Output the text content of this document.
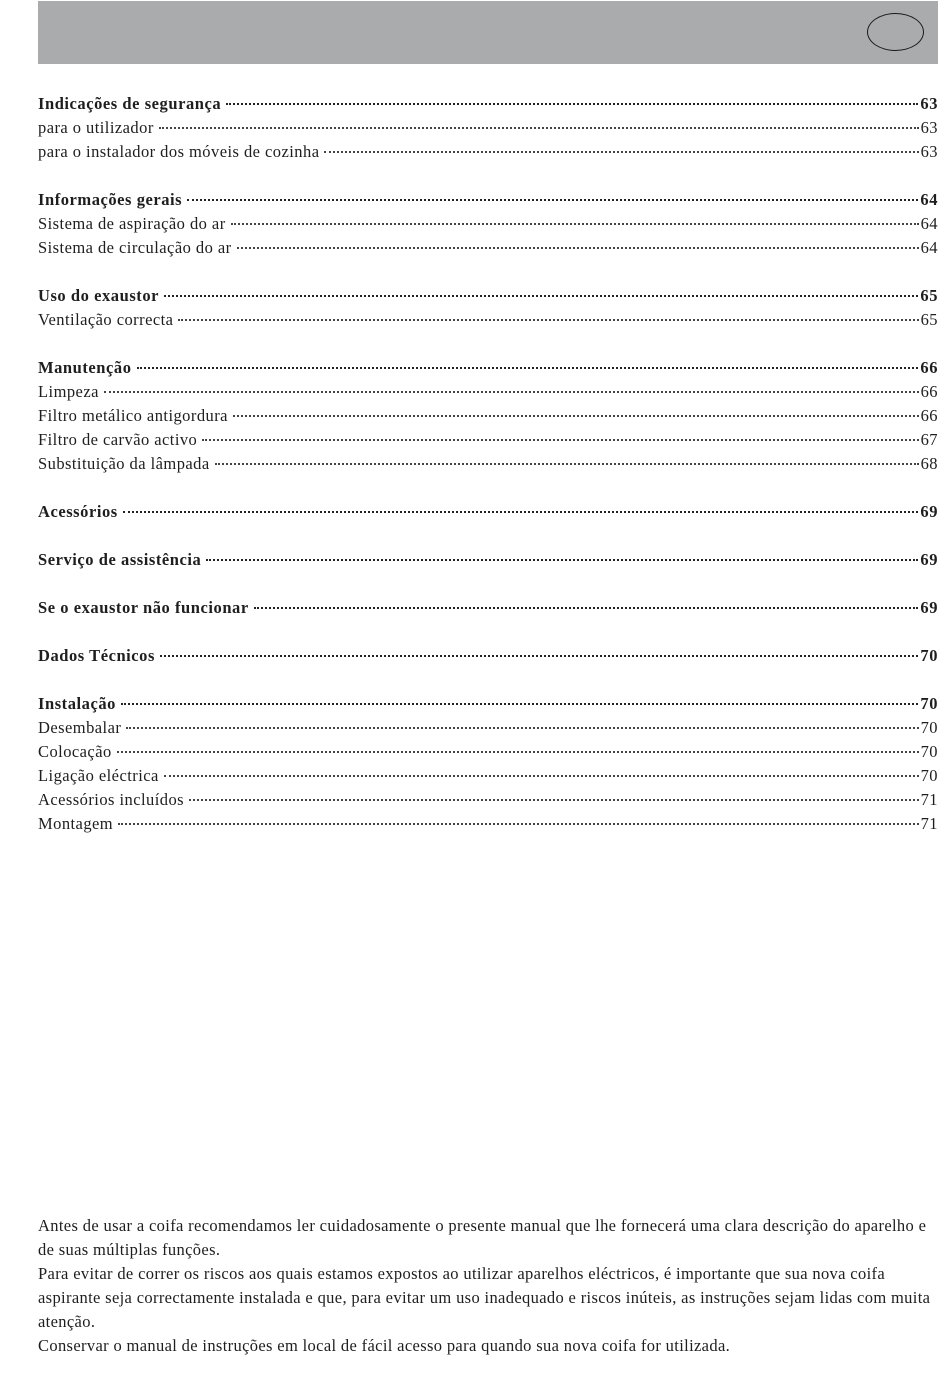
Indicações de segurança	63
para o utilizador	63
para o instalador dos móveis de cozinha	63
Informações gerais	64
Sistema de aspiração do ar	64
Sistema de circulação do ar	64
Uso do exaustor	65
Ventilação correcta	65
Manutenção	66
Limpeza	66
Filtro metálico antigordura	66
Filtro de carvão activo	67
Substituição da lâmpada	68
Acessórios	69
Serviço de assistência	69
Se o exaustor não funcionar	69
Dados Técnicos	70
Instalação	70
Desembalar	70
Colocação	70
Ligação eléctrica	70
Acessórios incluídos	71
Montagem	71

Antes de usar a coifa recomendamos ler cuidadosamente o presente manual que lhe fornecerá uma clara descrição do aparelho e de suas múltiplas funções.

Para evitar de correr os riscos aos quais estamos expostos ao utilizar aparelhos eléctricos, é importante que sua nova coifa aspirante seja correctamente instalada e que, para evitar um uso inadequado e riscos inúteis, as instruções sejam lidas com muita atenção.

Conservar o manual de instruções em local de fácil acesso para quando sua nova coifa for utilizada.
